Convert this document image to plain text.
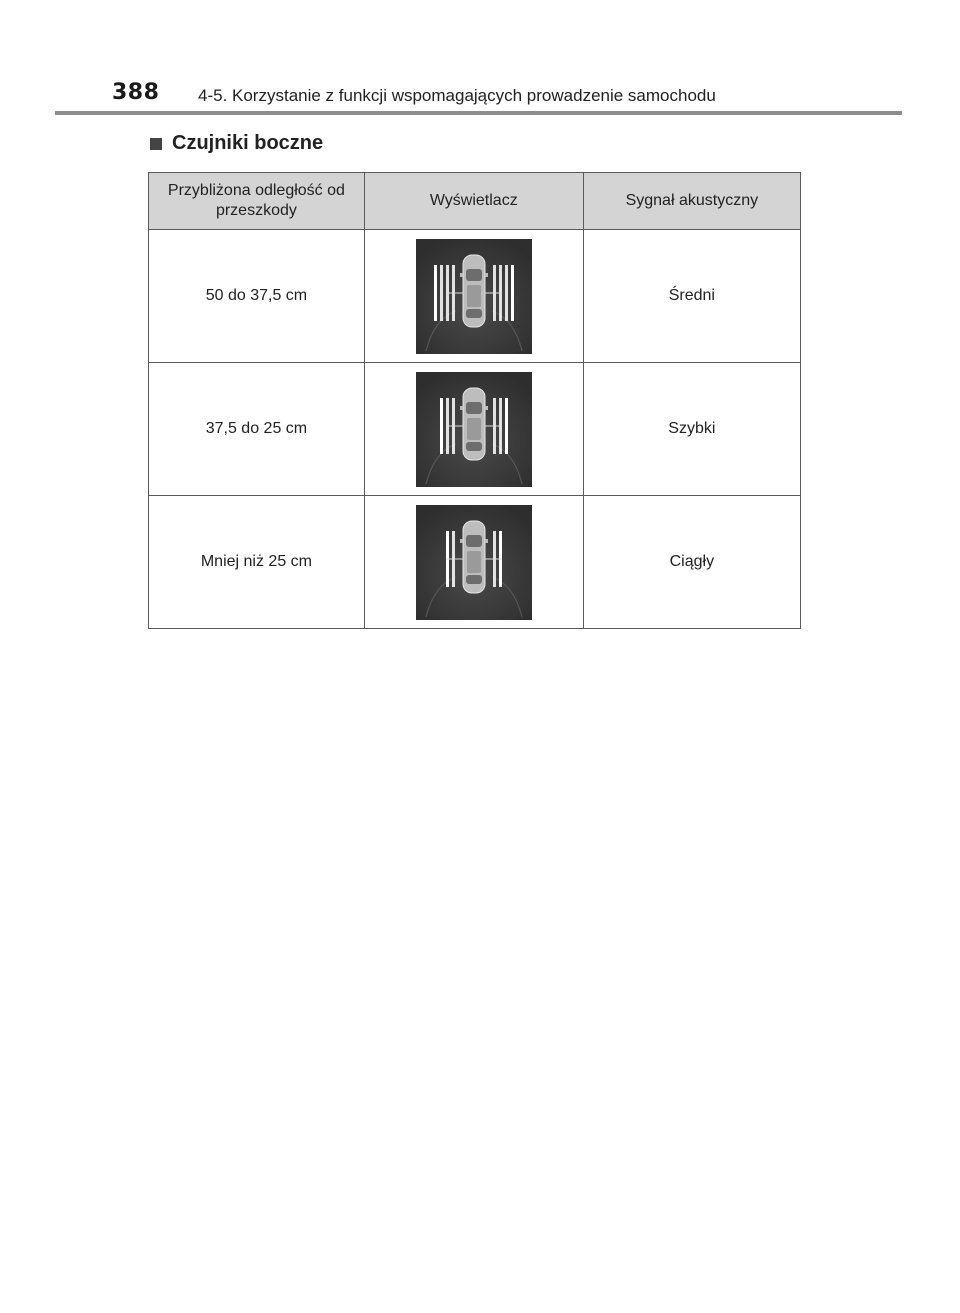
388 4-5. Korzystanie z funkcji wspomagających prowadzenie samochodu
Czujniki boczne
Przybliżona odległość od przeszkody	Wyświetlacz	Sygnał akustyczny
50 do 37,5 cm		Średni
37,5 do 25 cm		Szybki
Mniej niż 25 cm		Ciągły
